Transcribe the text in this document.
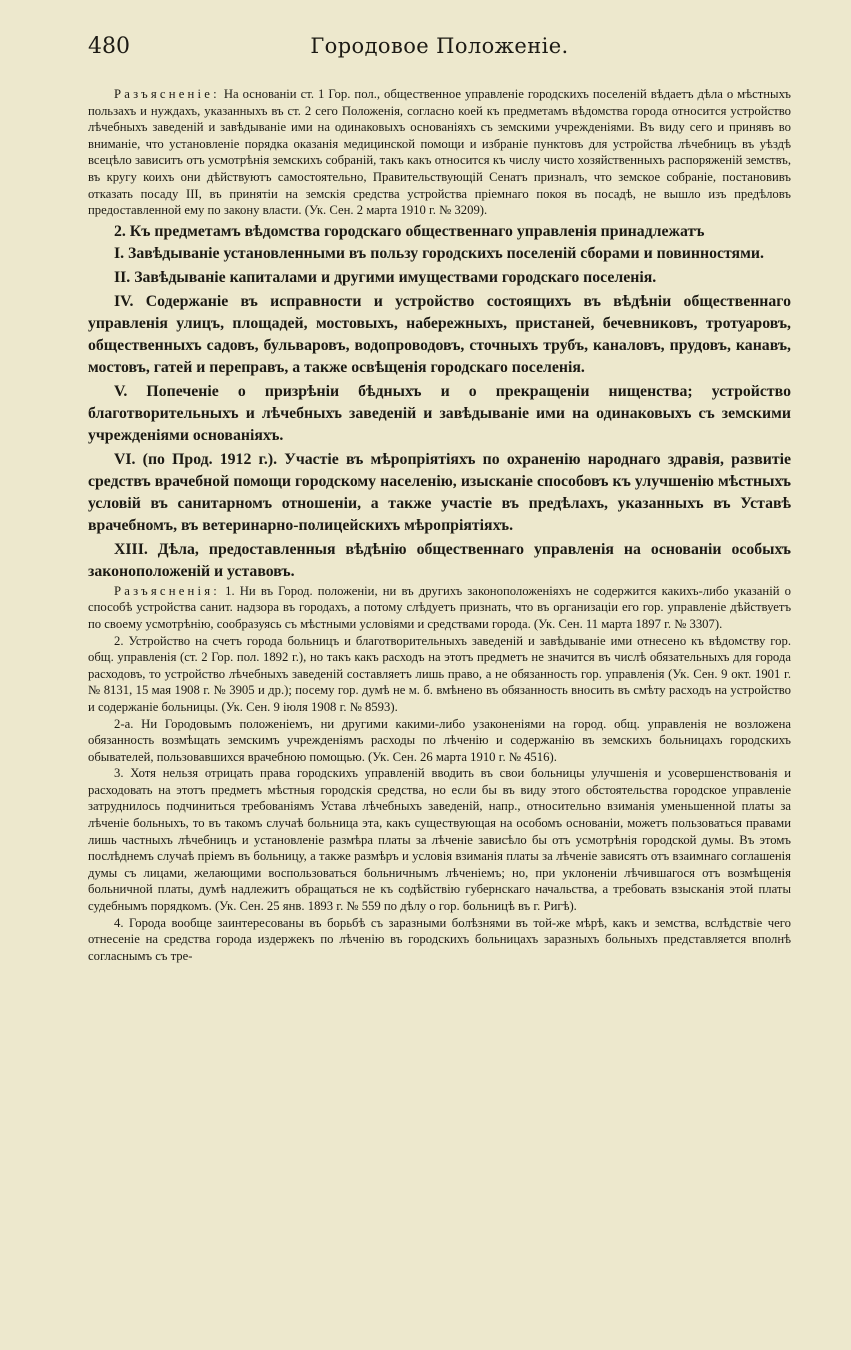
480	Городовое Положеніе.

Разъясненіе: На основаніи ст. 1 Гор. пол., общественное управленіе городскихъ поселеній вѣдаетъ дѣла о мѣстныхъ пользахъ и нуждахъ, указанныхъ въ ст. 2 сего Положенія, согласно коей къ предметамъ вѣдомства города относится устройство лѣчебныхъ заведеній и завѣдываніе ими на одинаковыхъ основаніяхъ съ земскими учрежденіями. Въ виду сего и принявъ во вниманіе, что установленіе порядка оказанія медицинской помощи и избраніе пунктовъ для устройства лѣчебницъ въ уѣздѣ всецѣло зависитъ отъ усмотрѣнія земскихъ собраній, такъ какъ относится къ числу чисто хозяйственныхъ распоряженій земствъ, въ кругу коихъ они дѣйствуютъ самостоятельно, Правительствующій Сенатъ призналъ, что земское собраніе, постановивъ отказать посаду III, въ принятіи на земскія средства устройства пріемнаго покоя въ посадѣ, не вышло изъ предѣловъ предоставленной ему по закону власти. (Ук. Сен. 2 марта 1910 г. № 3209).

2. Къ предметамъ вѣдомства городскаго общественнаго управленія принадлежатъ

I. Завѣдываніе установленными въ пользу городскихъ поселеній сборами и повинностями.

II. Завѣдываніе капиталами и другими имуществами городскаго поселенія.

IV. Содержаніе въ исправности и устройство состоящихъ въ вѣдѣніи общественнаго управленія улицъ, площадей, мостовыхъ, набережныхъ, пристаней, бечевниковъ, тротуаровъ, общественныхъ садовъ, бульваровъ, водопроводовъ, сточныхъ трубъ, каналовъ, прудовъ, канавъ, мостовъ, гатей и переправъ, а также освѣщенія городскаго поселенія.

V. Попеченіе о призрѣніи бѣдныхъ и о прекращеніи нищенства; устройство благотворительныхъ и лѣчебныхъ заведеній и завѣдываніе ими на одинаковыхъ съ земскими учрежденіями основаніяхъ.

VI. (по Прод. 1912 г.). Участіе въ мѣропріятіяхъ по охраненію народнаго здравія, развитіе средствъ врачебной помощи городскому населенію, изысканіе способовъ къ улучшенію мѣстныхъ условій въ санитарномъ отношеніи, а также участіе въ предѣлахъ, указанныхъ въ Уставѣ врачебномъ, въ ветеринарно-полицейскихъ мѣропріятіяхъ.

XIII. Дѣла, предоставленныя вѣдѣнію общественнаго управленія на основаніи особыхъ законоположеній и уставовъ.

Разъясненія: 1. Ни въ Город. положеніи, ни въ другихъ законоположеніяхъ не содержится какихъ-либо указаній о способѣ устройства санит. надзора въ городахъ, а потому слѣдуетъ признать, что въ организаціи его гор. управленіе дѣйствуетъ по своему усмотрѣнію, сообразуясь съ мѣстными условіями и средствами города. (Ук. Сен. 11 марта 1897 г. № 3307).

2. Устройство на счетъ города больницъ и благотворительныхъ заведеній и завѣдываніе ими отнесено къ вѣдомству гор. общ. управленія (ст. 2 Гор. пол. 1892 г.), но такъ какъ расходъ на этотъ предметъ не значится въ числѣ обязательныхъ для города расходовъ, то устройство лѣчебныхъ заведеній составляетъ лишь право, а не обязанность гор. управленія (Ук. Сен. 9 окт. 1901 г. № 8131, 15 мая 1908 г. № 3905 и др.); посему гор. думѣ не м. б. вмѣнено въ обязанность вносить въ смѣту расходъ на устройство и содержаніе больницы. (Ук. Сен. 9 іюля 1908 г. № 8593).

2-а. Ни Городовымъ положеніемъ, ни другими какими-либо узаконеніями на город. общ. управленія не возложена обязанность возмѣщать земскимъ учрежденіямъ расходы по лѣченію и содержанію въ земскихъ больницахъ городскихъ обывателей, пользовавшихся врачебною помощью. (Ук. Сен. 26 марта 1910 г. № 4516).

3. Хотя нельзя отрицать права городскихъ управленій вводить въ свои больницы улучшенія и усовершенствованія и расходовать на этотъ предметъ мѣстныя городскія средства, но если бы въ виду этого обстоятельства городское управленіе затруднилось подчиниться требованіямъ Устава лѣчебныхъ заведеній, напр., относительно взиманія уменьшенной платы за лѣченіе больныхъ, то въ такомъ случаѣ больница эта, какъ существующая на особомъ основаніи, можетъ пользоваться правами лишь частныхъ лѣчебницъ и установленіе размѣра платы за лѣченіе зависѣло бы отъ усмотрѣнія городской думы. Въ этомъ послѣднемъ случаѣ пріемъ въ больницу, а также размѣръ и условія взиманія платы за лѣченіе зависятъ отъ взаимнаго соглашенія думы съ лицами, желающими воспользоваться больничнымъ лѣченіемъ; но, при уклоненіи лѣчившагося отъ возмѣщенія больничной платы, думѣ надлежитъ обращаться не къ содѣйствію губернскаго начальства, а требовать взысканія этой платы судебнымъ порядкомъ. (Ук. Сен. 25 янв. 1893 г. № 559 по дѣлу о гор. больницѣ въ г. Ригѣ).

4. Города вообще заинтересованы въ борьбѣ съ заразными болѣзнями въ той-же мѣрѣ, какъ и земства, вслѣдствіе чего отнесеніе на средства города издержекъ по лѣченію въ городскихъ больницахъ заразныхъ больныхъ представляется вполнѣ согласнымъ съ тре-
